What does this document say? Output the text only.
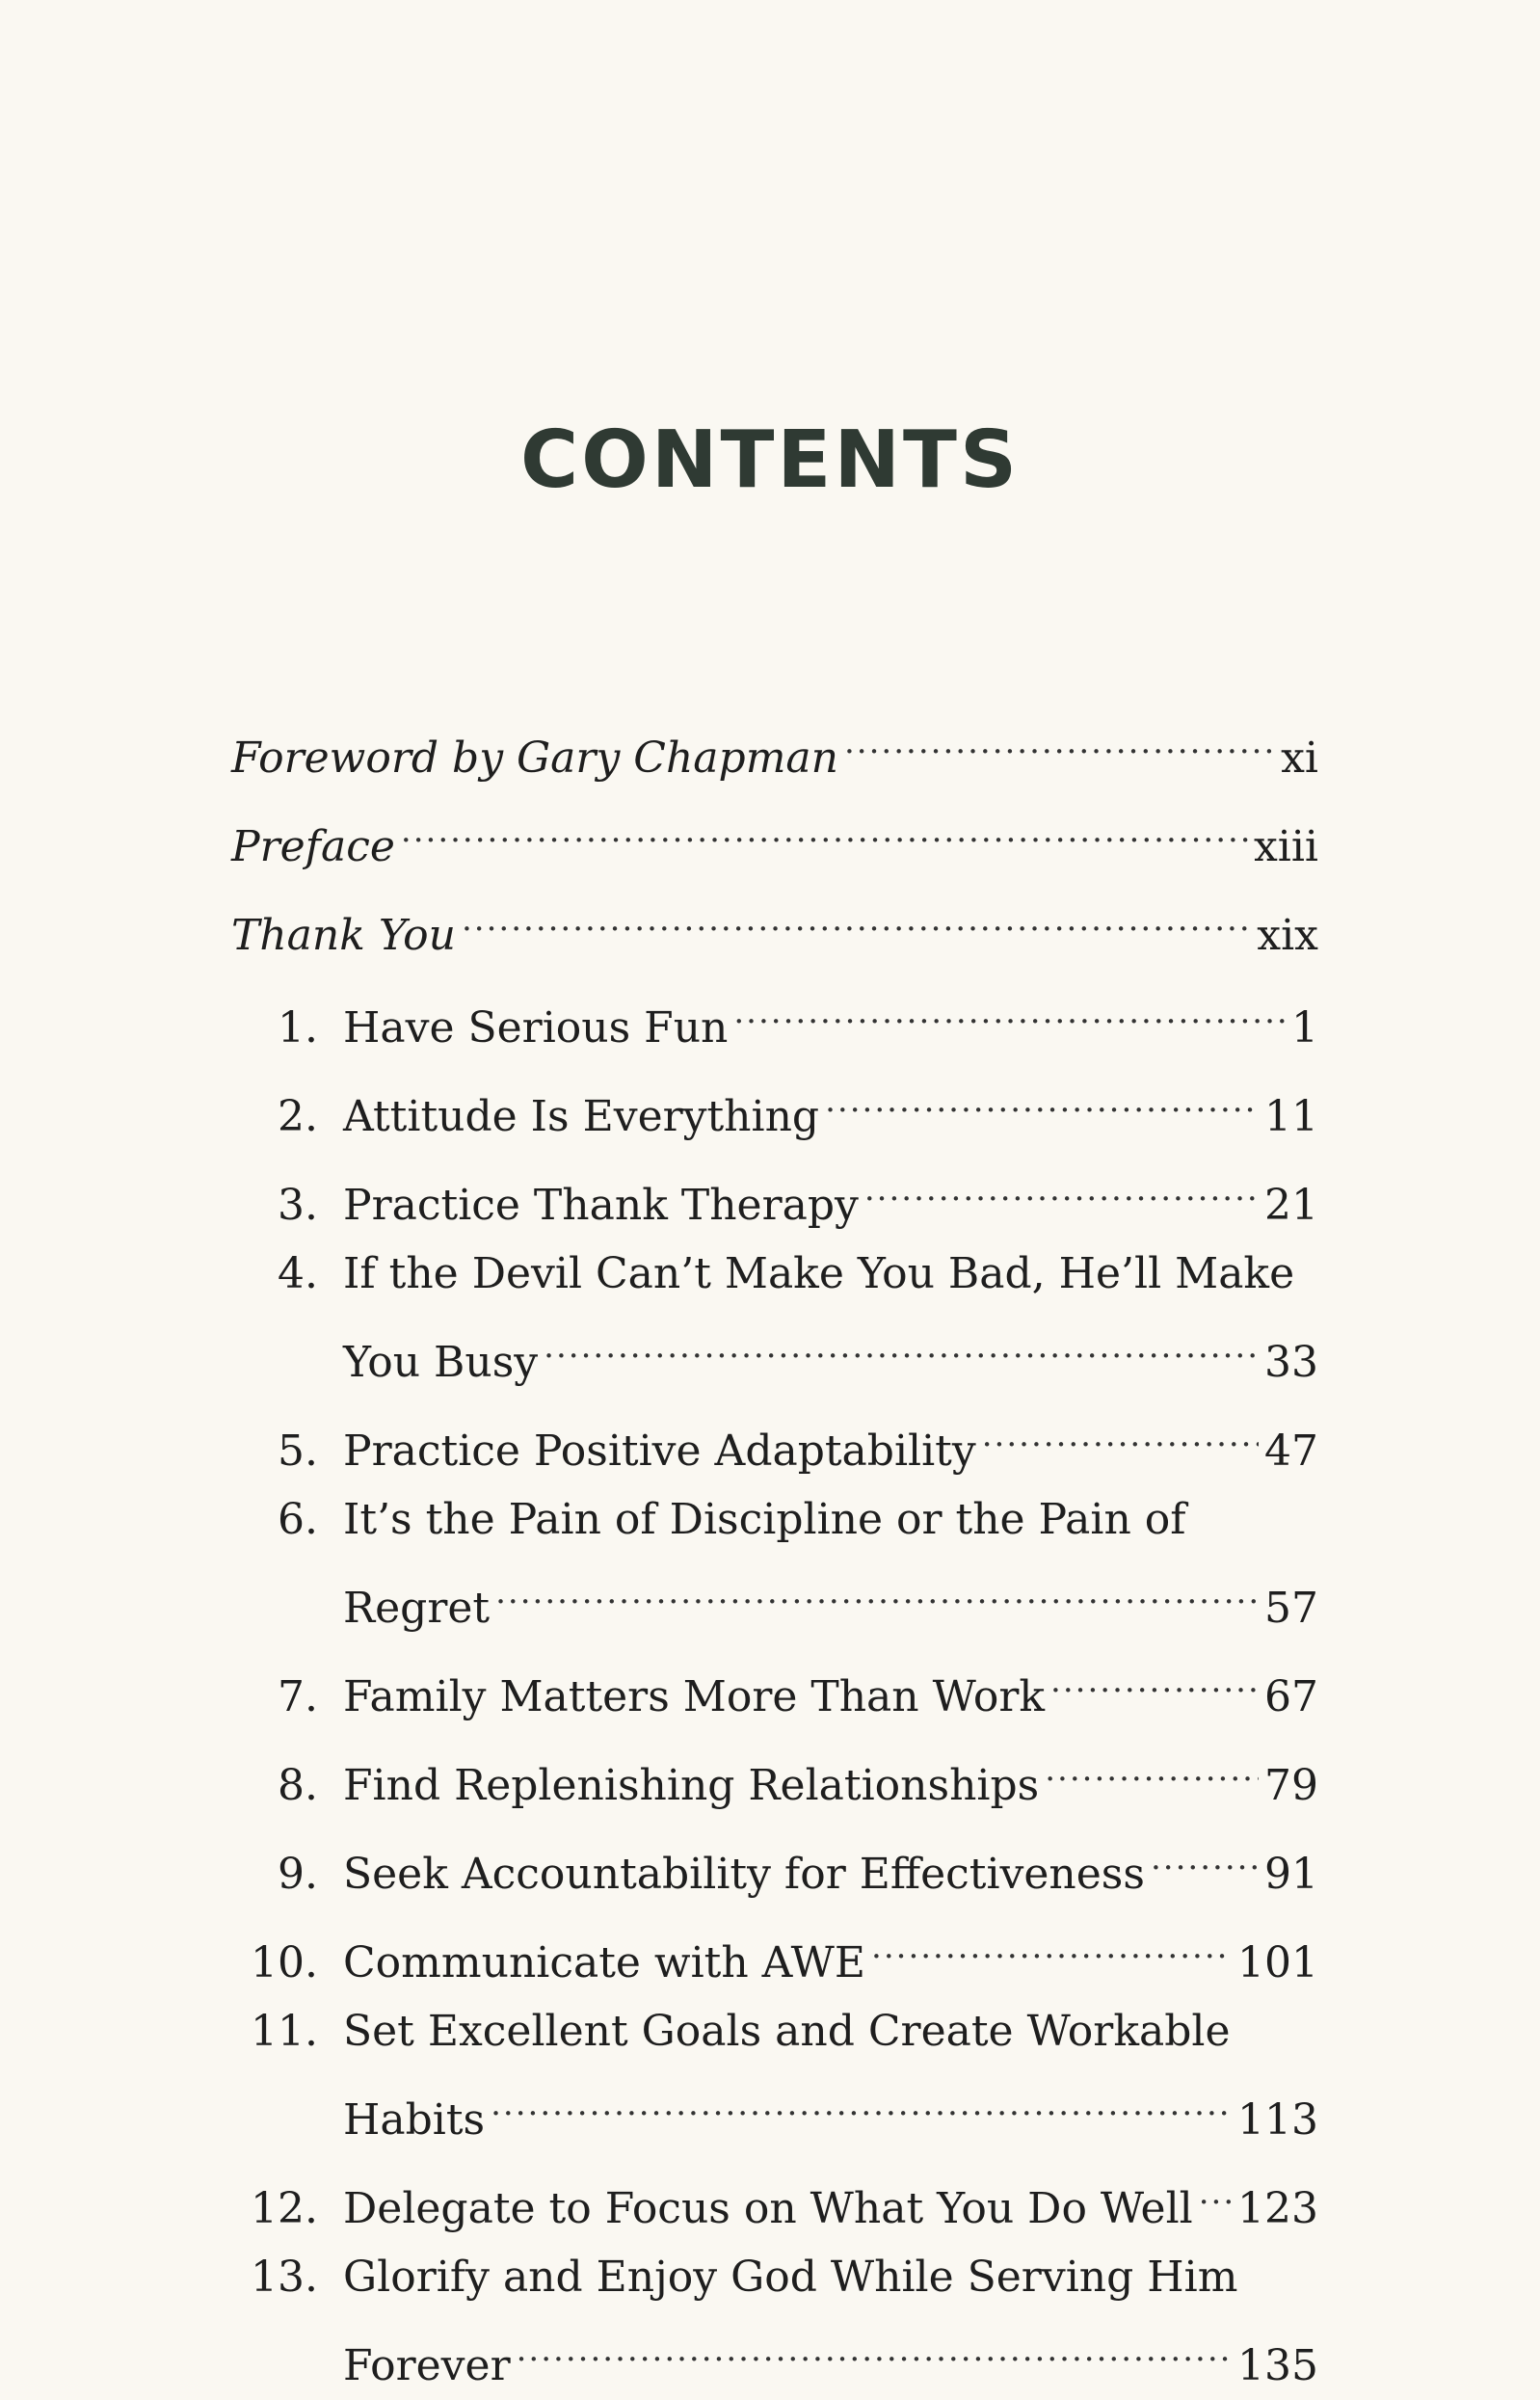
CONTENTS
Foreword by Gary Chapman .....	xi
Preface .....	xiii
Thank You .....	xix
1. Have Serious Fun .....	1
2. Attitude Is Everything .....	11
3. Practice Thank Therapy .....	21
4. If the Devil Can’t Make You Bad, He’ll Make
You Busy .....	33
5. Practice Positive Adaptability .....	47
6. It’s the Pain of Discipline or the Pain of
Regret .....	57
7. Family Matters More Than Work .....	67
8. Find Replenishing Relationships .....	79
9. Seek Accountability for Effectiveness .....	91
10. Communicate with AWE .....	101
11. Set Excellent Goals and Create Workable
Habits .....	113
12. Delegate to Focus on What You Do Well ..... 123
13. Glorify and Enjoy God While Serving Him
Forever .....	135
